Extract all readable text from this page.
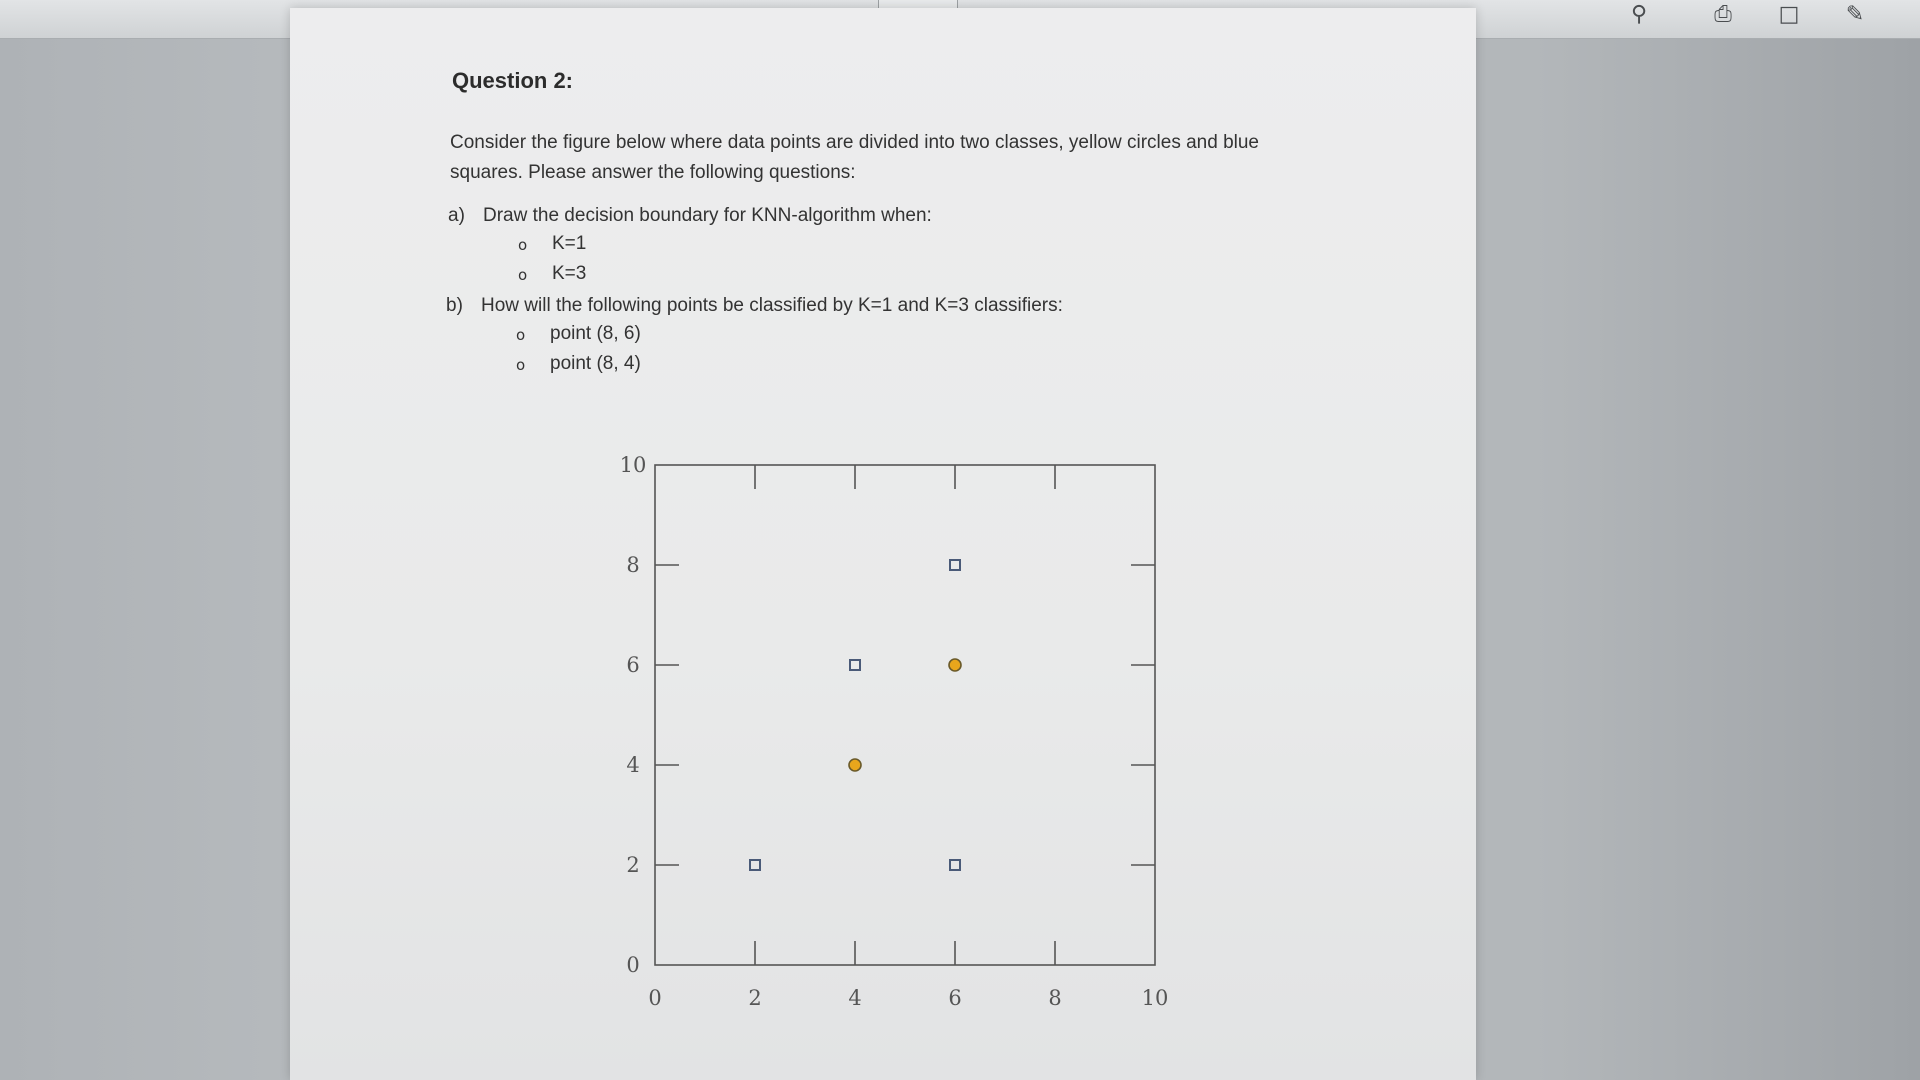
⚲	⎙ □ ✎
Question 2:
Consider the figure below where data points are divided into two classes, yellow circles and blue squares. Please answer the following questions:
a) Draw the decision boundary for KNN-algorithm when:
o K=1
o K=3
b) How will the following points be classified by K=1 and K=3 classifiers:
o point (8, 6)
o point (8, 4)
0	2	4	6	8	10
0
2
4
6
8
10
